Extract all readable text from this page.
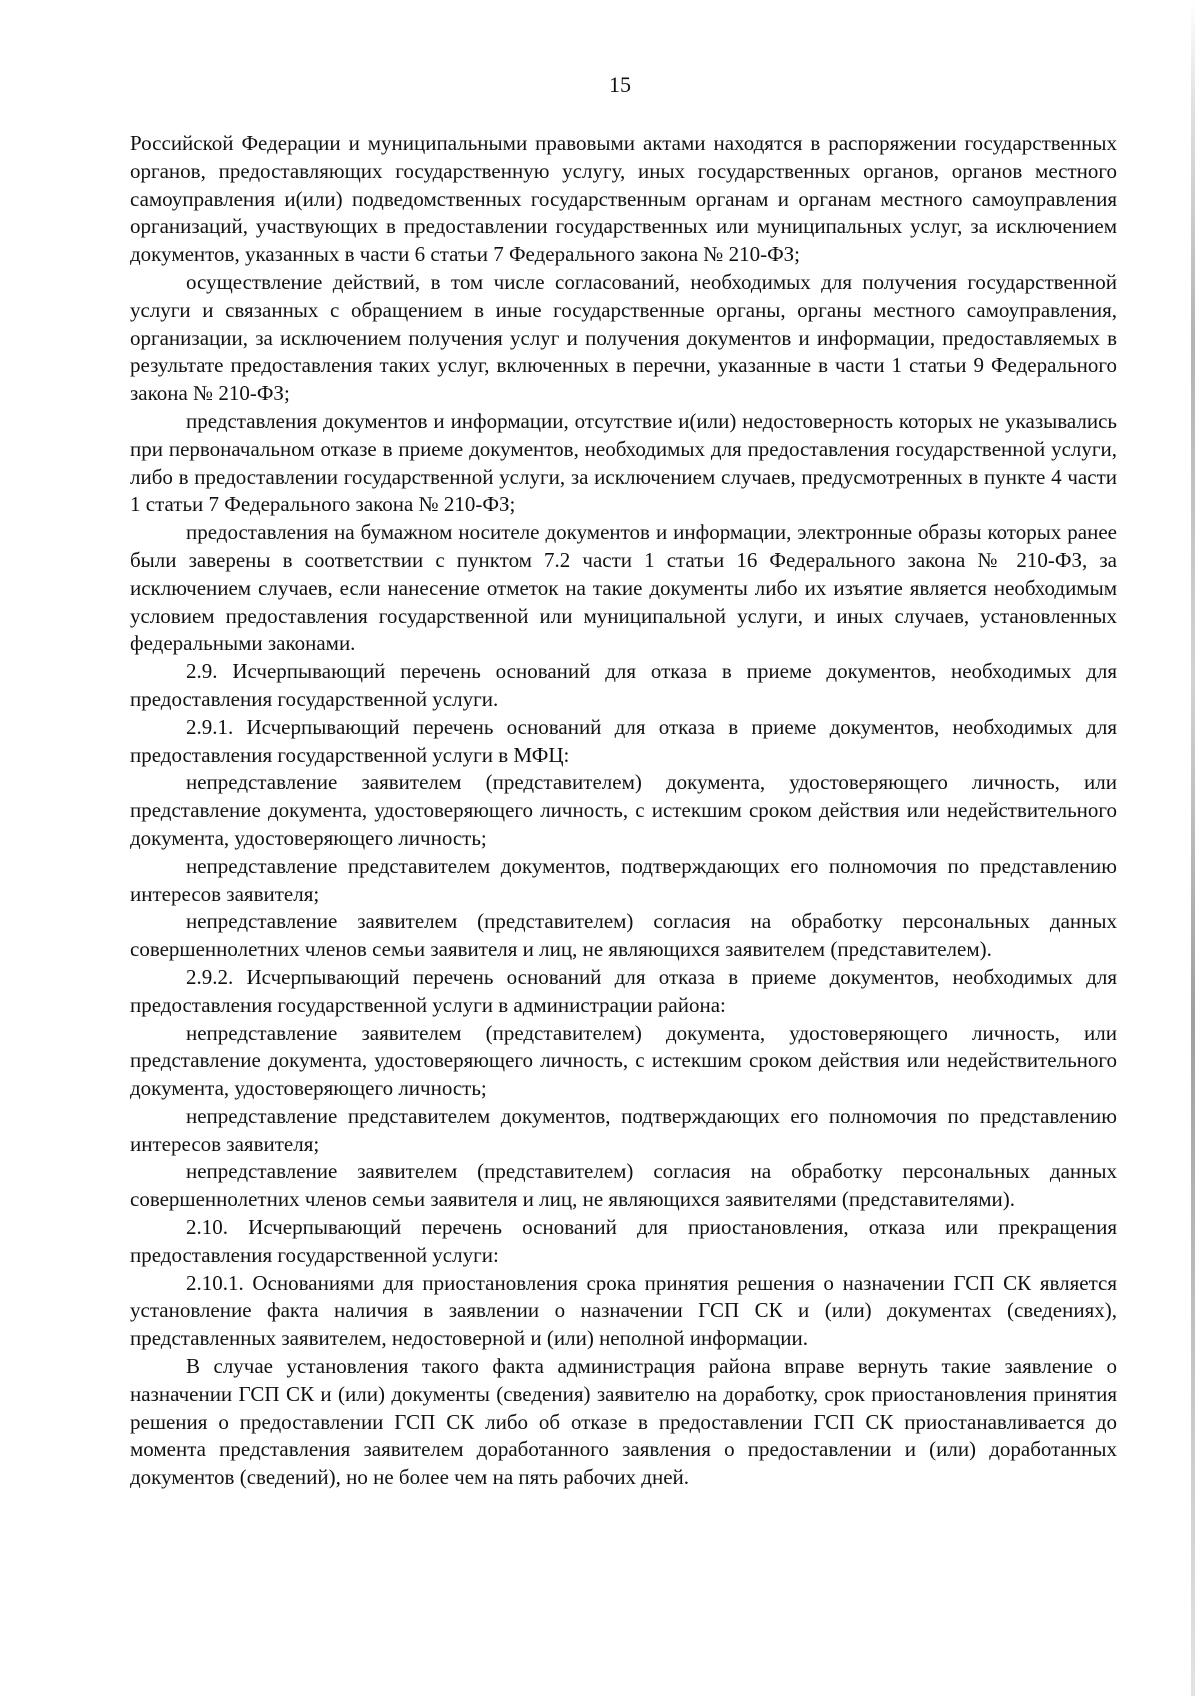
15

Российской Федерации и муниципальными правовыми актами находятся в распоряжении государственных органов, предоставляющих государственную услугу, иных государственных органов, органов местного самоуправления и(или) подведомственных государственным органам и органам местного самоуправления организаций, участвующих в предоставлении государственных или муниципальных услуг, за исключением документов, указанных в части 6 статьи 7 Федерального закона № 210-ФЗ;

осуществление действий, в том числе согласований, необходимых для получения государственной услуги и связанных с обращением в иные государственные органы, органы местного самоуправления, организации, за исключением получения услуг и получения документов и информации, предоставляемых в результате предоставления таких услуг, включенных в перечни, указанные в части 1 статьи 9 Федерального закона № 210-ФЗ;

представления документов и информации, отсутствие и(или) недостоверность которых не указывались при первоначальном отказе в приеме документов, необходимых для предоставления государственной услуги, либо в предоставлении государственной услуги, за исключением случаев, предусмотренных в пункте 4 части 1 статьи 7 Федерального закона № 210-ФЗ;

предоставления на бумажном носителе документов и информации, электронные образы которых ранее были заверены в соответствии с пунктом 7.2 части 1 статьи 16 Федерального закона № 210-ФЗ, за исключением случаев, если нанесение отметок на такие документы либо их изъятие является необходимым условием предоставления государственной или муниципальной услуги, и иных случаев, установленных федеральными законами.

2.9. Исчерпывающий перечень оснований для отказа в приеме документов, необходимых для предоставления государственной услуги.

2.9.1. Исчерпывающий перечень оснований для отказа в приеме документов, необходимых для предоставления государственной услуги в МФЦ:

непредставление заявителем (представителем) документа, удостоверяющего личность, или представление документа, удостоверяющего личность, с истекшим сроком действия или недействительного документа, удостоверяющего личность;

непредставление представителем документов, подтверждающих его полномочия по представлению интересов заявителя;

непредставление заявителем (представителем) согласия на обработку персональных данных совершеннолетних членов семьи заявителя и лиц, не являющихся заявителем (представителем).

2.9.2. Исчерпывающий перечень оснований для отказа в приеме документов, необходимых для предоставления государственной услуги в администрации района:

непредставление заявителем (представителем) документа, удостоверяющего личность, или представление документа, удостоверяющего личность, с истекшим сроком действия или недействительного документа, удостоверяющего личность;

непредставление представителем документов, подтверждающих его полномочия по представлению интересов заявителя;

непредставление заявителем (представителем) согласия на обработку персональных данных совершеннолетних членов семьи заявителя и лиц, не являющихся заявителями (представителями).

2.10. Исчерпывающий перечень оснований для приостановления, отказа или прекращения предоставления государственной услуги:

2.10.1. Основаниями для приостановления срока принятия решения о назначении ГСП СК является установление факта наличия в заявлении о назначении ГСП СК и (или) документах (сведениях), представленных заявителем, недостоверной и (или) неполной информации.

В случае установления такого факта администрация района вправе вернуть такие заявление о назначении ГСП СК и (или) документы (сведения) заявителю на доработку, срок приостановления принятия решения о предоставлении ГСП СК либо об отказе в предоставлении ГСП СК приостанавливается до момента представления заявителем доработанного заявления о предоставлении и (или) доработанных документов (сведений), но не более чем на пять рабочих дней.
